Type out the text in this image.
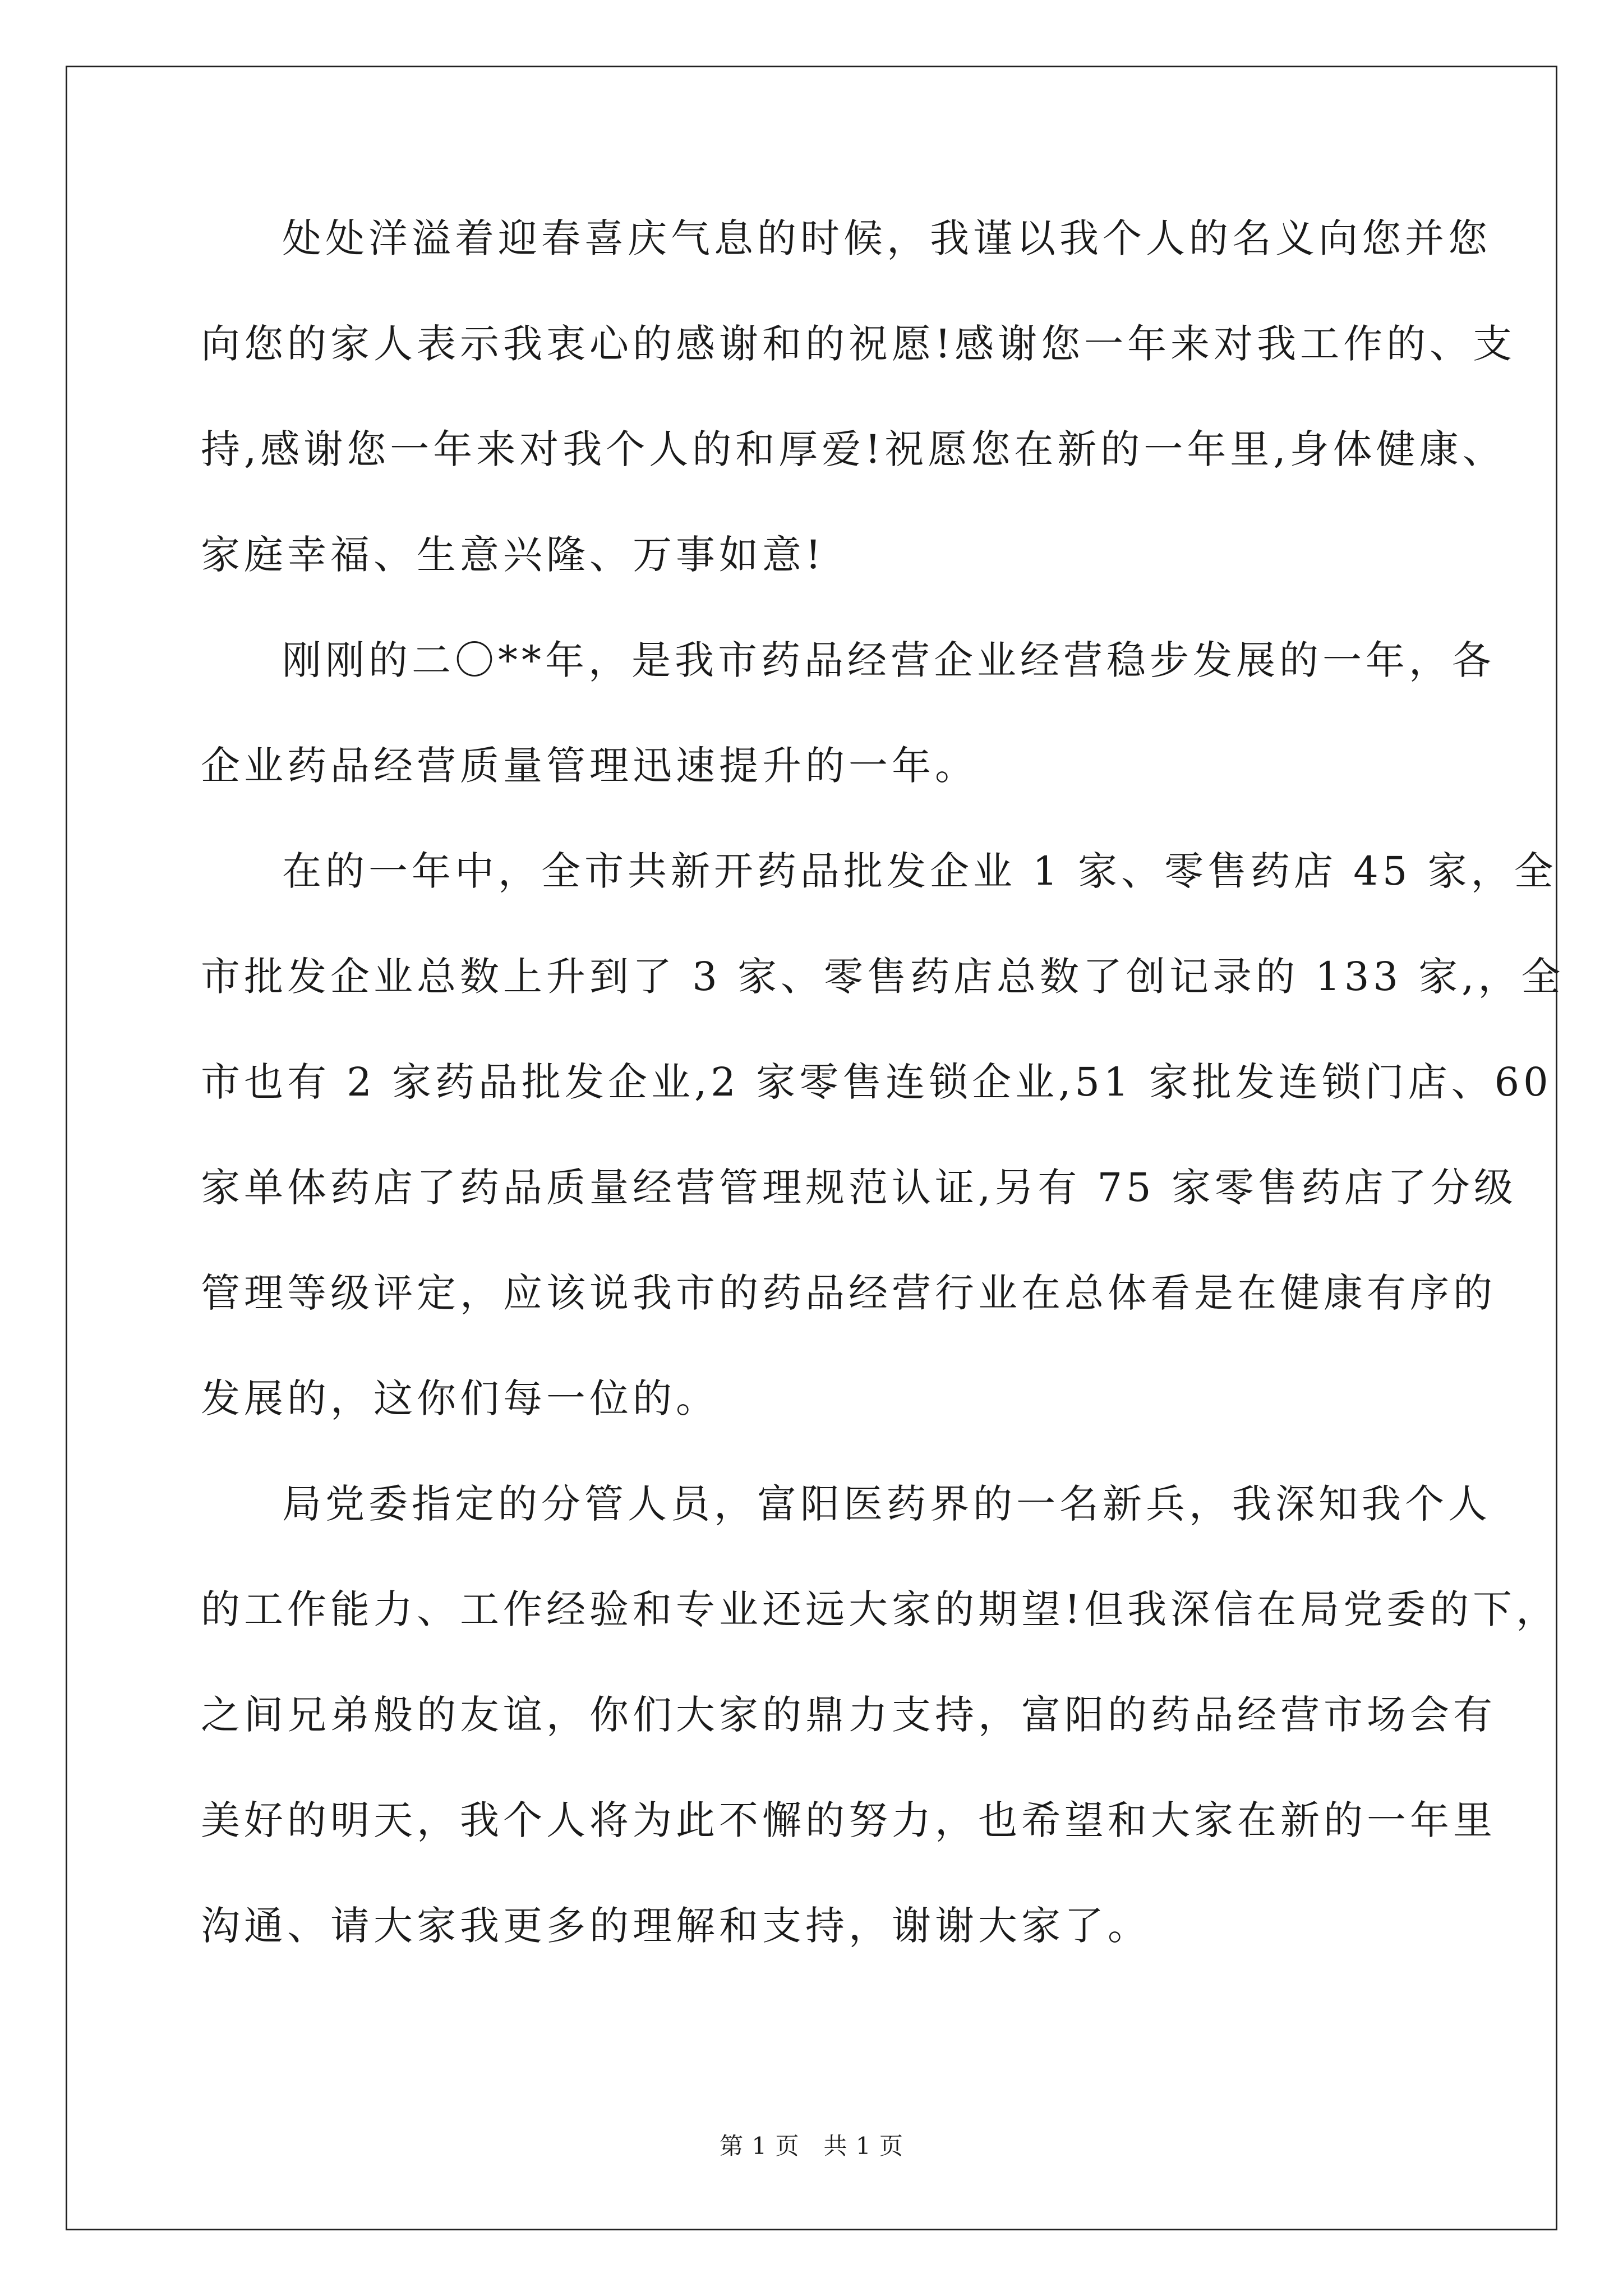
处处洋溢着迎春喜庆气息的时候，我谨以我个人的名义向您并您
向您的家人表示我衷心的感谢和的祝愿!感谢您一年来对我工作的、支
持,感谢您一年来对我个人的和厚爱!祝愿您在新的一年里,身体健康、
家庭幸福、生意兴隆、万事如意!
刚刚的二〇**年，是我市药品经营企业经营稳步发展的一年，各
企业药品经营质量管理迅速提升的一年。
在的一年中，全市共新开药品批发企业 1 家、零售药店 45 家，全
市批发企业总数上升到了 3 家、零售药店总数了创记录的 133 家,，全
市也有 2 家药品批发企业,2 家零售连锁企业,51 家批发连锁门店、60
家单体药店了药品质量经营管理规范认证,另有 75 家零售药店了分级
管理等级评定，应该说我市的药品经营行业在总体看是在健康有序的
发展的，这你们每一位的。
局党委指定的分管人员，富阳医药界的一名新兵，我深知我个人
的工作能力、工作经验和专业还远大家的期望!但我深信在局党委的下，
之间兄弟般的友谊，你们大家的鼎力支持，富阳的药品经营市场会有
美好的明天，我个人将为此不懈的努力，也希望和大家在新的一年里
沟通、请大家我更多的理解和支持，谢谢大家了。
第 1 页　共 1 页
